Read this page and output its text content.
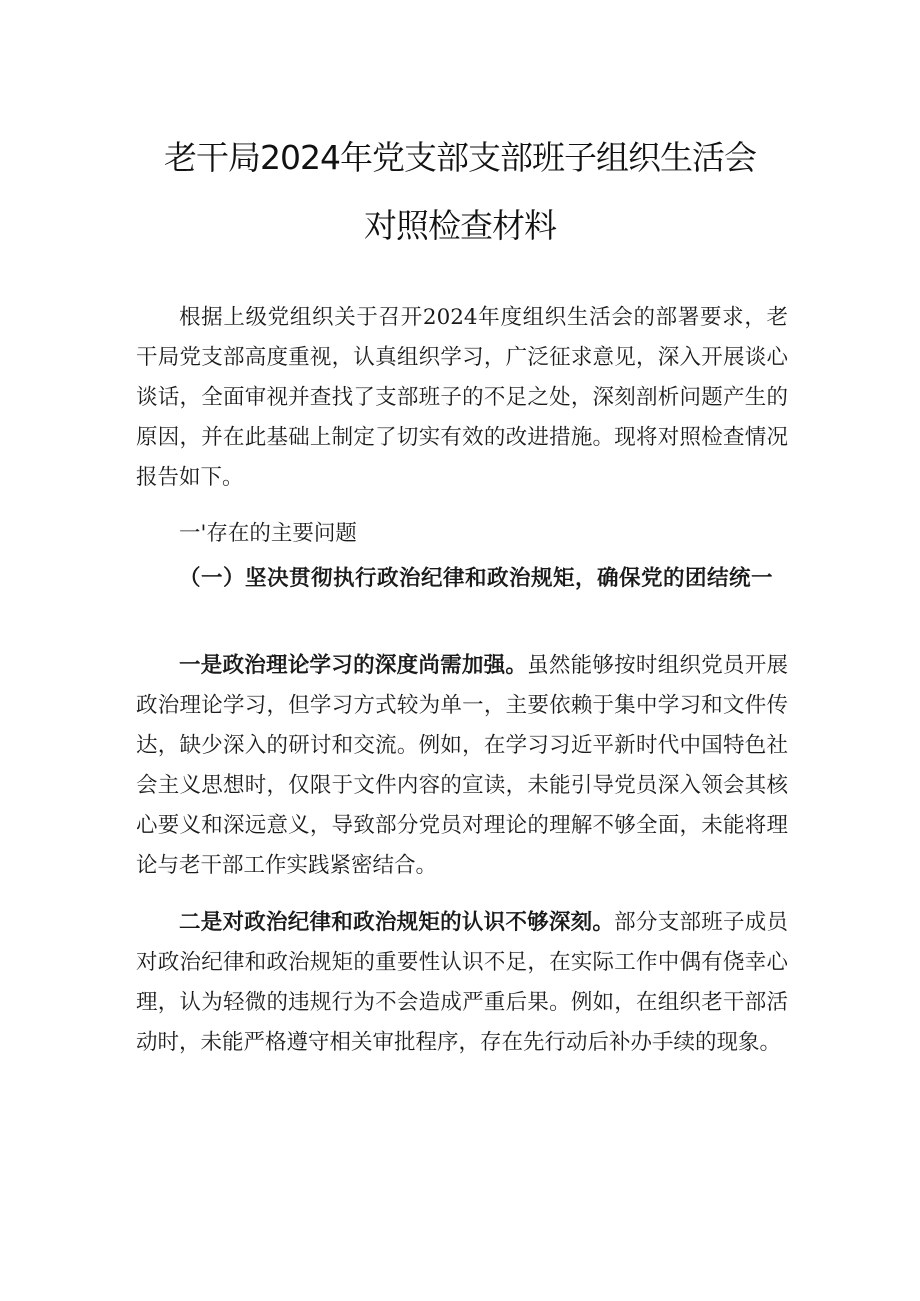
老干局2024年党支部支部班子组织生活会
对照检查材料

根据上级党组织关于召开2024年度组织生活会的部署要求，老干局党支部高度重视，认真组织学习，广泛征求意见，深入开展谈心谈话，全面审视并查找了支部班子的不足之处，深刻剖析问题产生的原因，并在此基础上制定了切实有效的改进措施。现将对照检查情况报告如下。

一'存在的主要问题

（一）坚决贯彻执行政治纪律和政治规矩，确保党的团结统一

一是政治理论学习的深度尚需加强。虽然能够按时组织党员开展政治理论学习，但学习方式较为单一，主要依赖于集中学习和文件传达，缺少深入的研讨和交流。例如，在学习习近平新时代中国特色社会主义思想时，仅限于文件内容的宣读，未能引导党员深入领会其核心要义和深远意义，导致部分党员对理论的理解不够全面，未能将理论与老干部工作实践紧密结合。

二是对政治纪律和政治规矩的认识不够深刻。部分支部班子成员对政治纪律和政治规矩的重要性认识不足，在实际工作中偶有侥幸心理，认为轻微的违规行为不会造成严重后果。例如，在组织老干部活动时，未能严格遵守相关审批程序，存在先行动后补办手续的现象。
